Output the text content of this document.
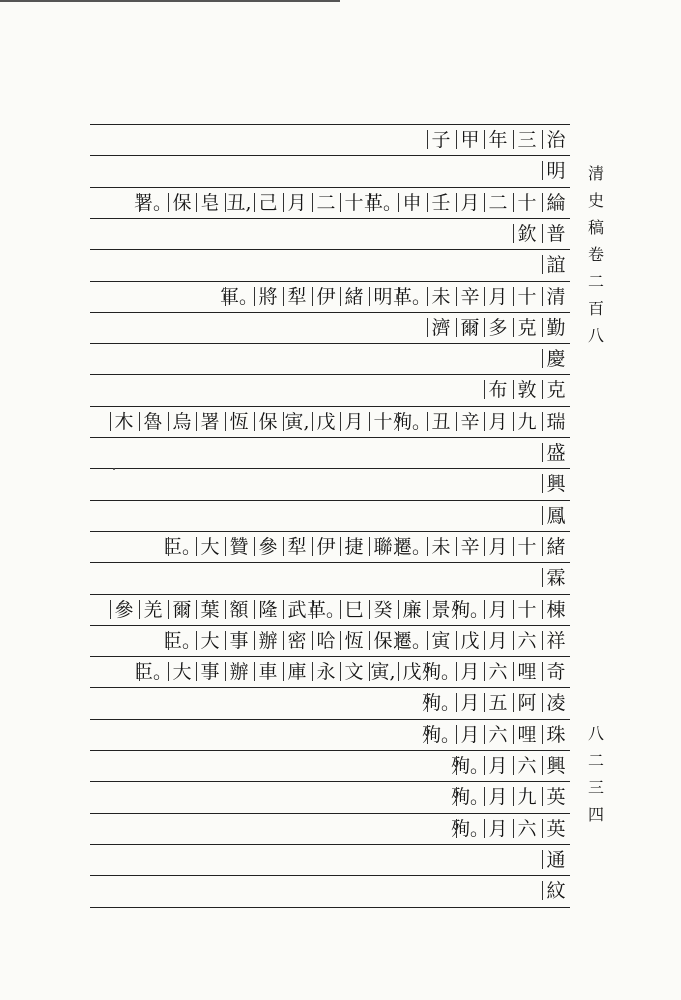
子 甲 年 三 治
明
署。 保 皂 丑, 己 月 二 十 革。 申 壬 月 二 十 綸
欽 普
誼
軍。 將 犁 伊 緒 明 革。 未 辛 月 十 清
濟 爾 多 克 勤
慶
布 敦 克
木 魯 烏 署 恆 保 寅, 戊 月 十 殉。 丑 辛 月 九 瑞
盛
興
鳳
臣。 大 贊 參 犁 伊 捷 聯 遷。 未 辛 月 十 緒
霖
參 羌 爾 葉 額 隆 武 革。 巳 癸 廉 景 殉。 月 十 棟
臣。 大 事 辦 密 哈 恆 保 遷。 寅 戊 月 六 祥
臣。 大 事 辦 車 庫 永 文 寅, 戊 殉。 月 六 哩 奇
殉。 月 五 阿 凌
殉。 月 六 哩 珠
殉。 月 六 興
殉。 月 九 英
殉。 月 六 英
通
紋
清
史
稿
卷
二
百
八
八
二
三
四
